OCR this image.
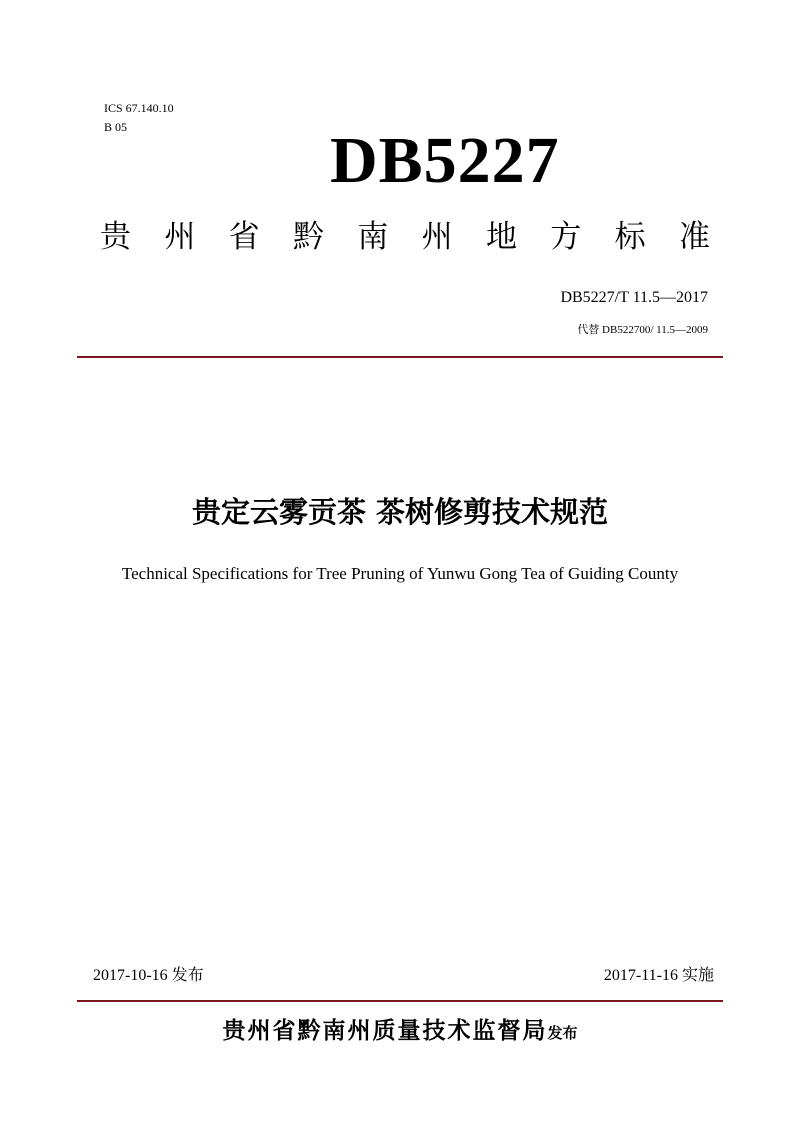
ICS 67.140.10
B 05	DB5227
贵 州 省 黔 南 州 地 方 标 准
DB5227/T 11.5—2017
代替 DB522700/ 11.5—2009
贵定云雾贡茶 茶树修剪技术规范
Technical Specifications for Tree Pruning of Yunwu Gong Tea of Guiding County
2017-10-16 发布	2017-11-16 实施
贵州省黔南州质量技术监督局发布
